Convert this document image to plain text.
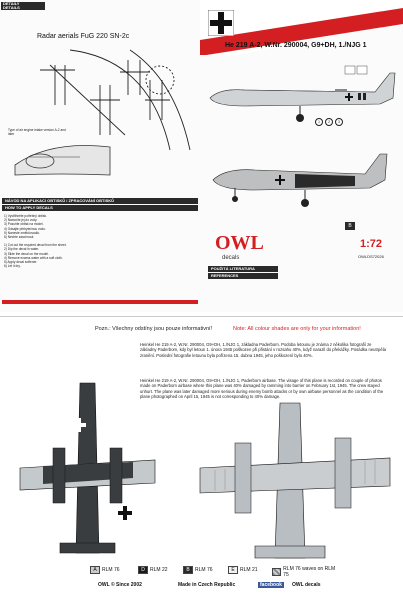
DETAILY
DETAILS
Radar aerials FuG 220 SN-2c
Type of air engine intake version A-2 and later
He 219 A-2, W.Nr. 290004, G9+DH, 1./NJG 1
1	2	3
B
NÁVOD NA APLIKACI OBTISKŮ / ZPRACOVÁNÍ OBTISKŮ
HOW TO APPLY DECALS
1) Vystřihněte potřebný obtisk.
2) Namočte jej do vody.
3) Posuňte obtisk na model.
4) Odsajte přebytečnou vodu.
5) Naneste změkčovadlo.
6) Nechte zaschnout.
1) Cut out the required decal from the sheet.
2) Dip the decal in water.
3) Slide the decal on the model.
4) Remove excess water with a soft cloth.
5) Apply decal softener.
6) Let it dry.
OWL
decals
1:72
OWLDS72026
POUŽITÁ LITERATURA
REFERENCES
Pozn.: Všechny odstíny jsou pouze informativní!	Note: All colour shades are only for your information!
Heinkel He 219 A-2, W.Nr. 290004, G9+DH, 1./NJG 1, základna Paderborn. Podoba letounu je známa z několika fotografií ze základny Paderborn, kdy byl letoun 1. února 1945 poškozen při přistání v rozsahu 40%, když narazil do překážky. Posádka neutrpěla zranění. Poslední fotografie letounu byla pořízena 15. dubna 1945, jeho poškození bylo 40%.
Heinkel He 219 A-2, W.Nr. 290004, G9+DH, 1./NJG 1, Paderborn airbase. The visage of this plane is recorded on couple of photos made on Paderborn airbase where this plane was 40% damaged by ramming into barrier on February 1st, 1945. The crew stayed unhurt. The plane was later damaged more serious during enemy bomb attacks or by own airbase personnel as the condition of the plane photographed on April 15, 1945 is not corresponding to 40% damage.
A	RLM 76	D	RLM 22	B	RLM 76	E	RLM 21	RLM 76 waves on RLM 75
OWL © Since 2002	Made in Czech Republic	facebook	OWL decals
